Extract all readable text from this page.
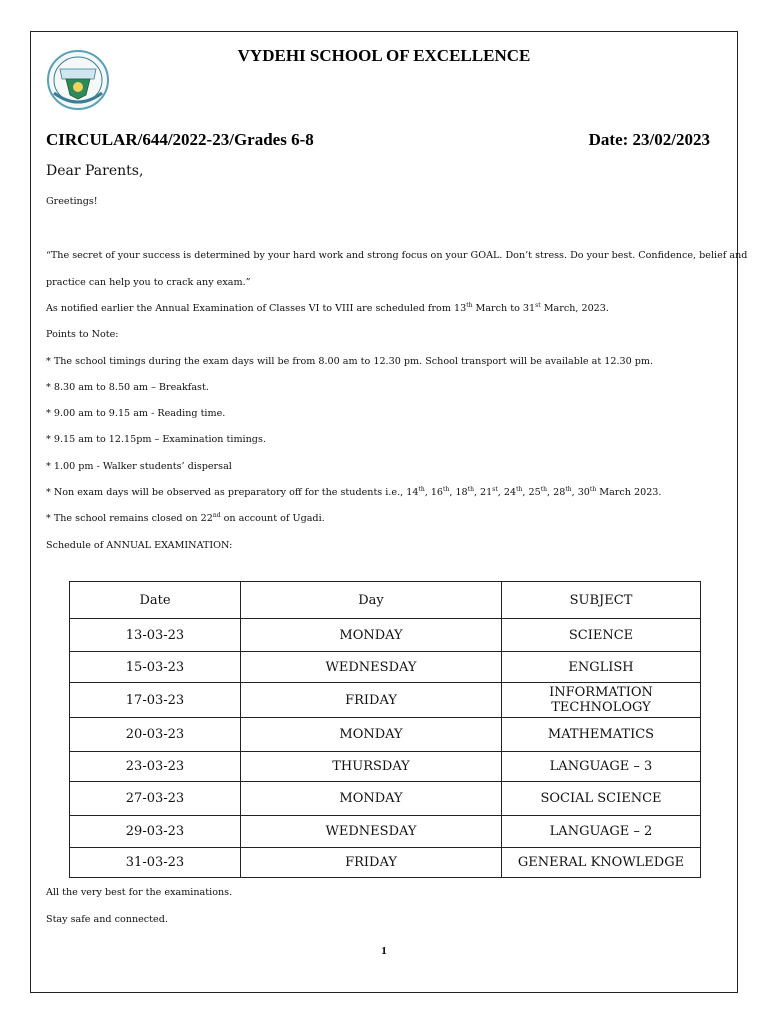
VYDEHI SCHOOL OF EXCELLENCE
CIRCULAR/644/2022-23/Grades 6-8	Date: 23/02/2023
Dear Parents,
Greetings!
“The secret of your success is determined by your hard work and strong focus on your GOAL. Don’t stress. Do your best. Confidence, belief and
practice can help you to crack any exam.”
As notified earlier the Annual Examination of Classes VI to VIII are scheduled from 13th March to 31st March, 2023.
Points to Note:
* The school timings during the exam days will be from 8.00 am to 12.30 pm. School transport will be available at 12.30 pm.
* 8.30 am to 8.50 am – Breakfast.
* 9.00 am to 9.15 am - Reading time.
* 9.15 am to 12.15pm – Examination timings.
* 1.00 pm - Walker students’ dispersal
* Non exam days will be observed as preparatory off for the students i.e., 14th, 16th, 18th, 21st, 24th, 25th, 28th, 30th March 2023.
* The school remains closed on 22nd on account of Ugadi.
Schedule of ANNUAL EXAMINATION:
Date	Day	SUBJECT
13-03-23	MONDAY	SCIENCE
15-03-23	WEDNESDAY	ENGLISH
17-03-23	FRIDAY	INFORMATION
TECHNOLOGY

20-03-23	MONDAY	MATHEMATICS
23-03-23	THURSDAY	LANGUAGE – 3
27-03-23	MONDAY	SOCIAL SCIENCE
29-03-23	WEDNESDAY	LANGUAGE – 2
31-03-23	FRIDAY	GENERAL KNOWLEDGE
All the very best for the examinations.
Stay safe and connected.
1
